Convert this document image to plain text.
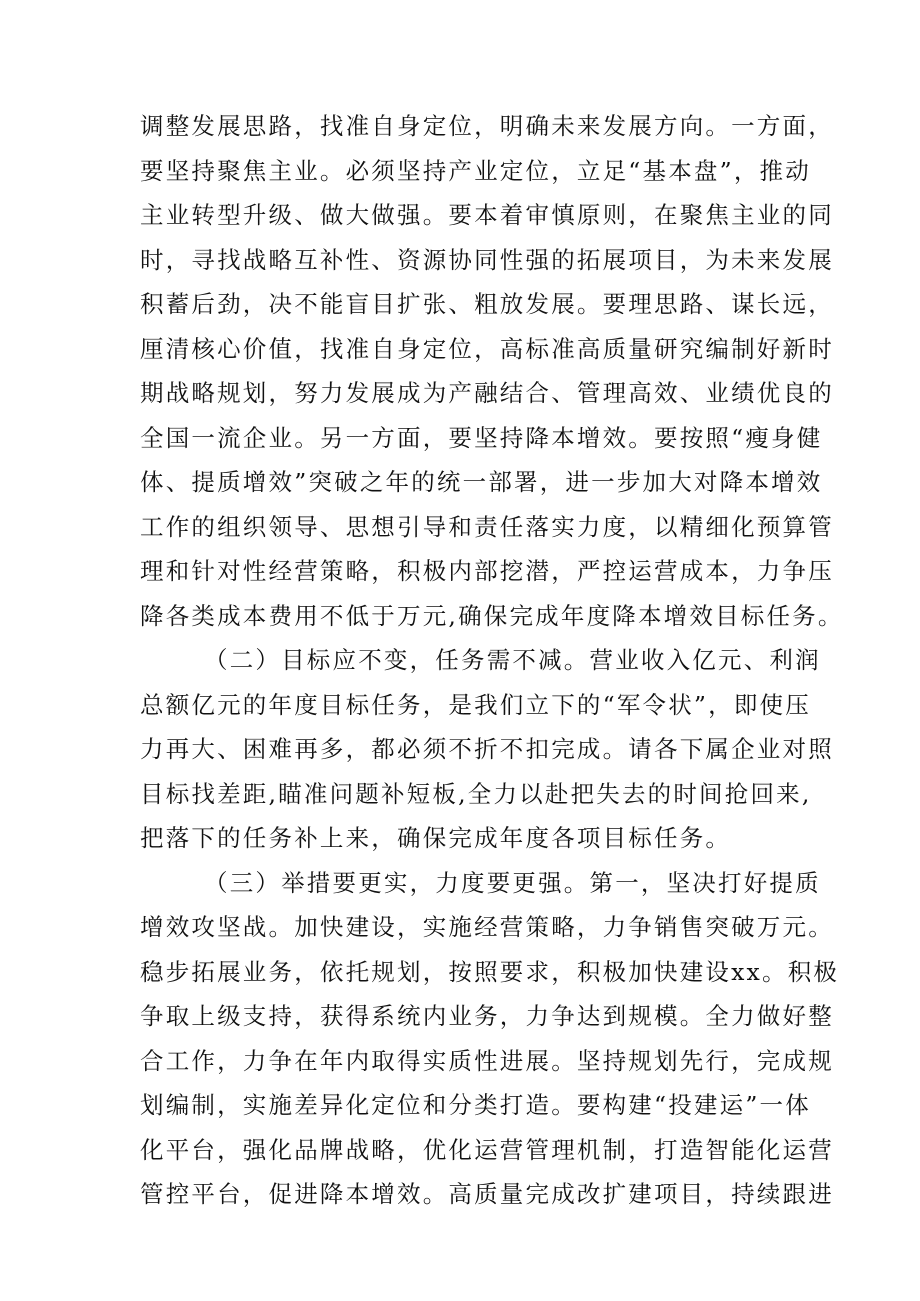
调整发展思路，找准自身定位，明确未来发展方向。一方面，
要坚持聚焦主业。必须坚持产业定位，立足“基本盘”，推动
主业转型升级、做大做强。要本着审慎原则，在聚焦主业的同
时，寻找战略互补性、资源协同性强的拓展项目，为未来发展
积蓄后劲，决不能盲目扩张、粗放发展。要理思路、谋长远，
厘清核心价值，找准自身定位，高标准高质量研究编制好新时
期战略规划，努力发展成为产融结合、管理高效、业绩优良的
全国一流企业。另一方面，要坚持降本增效。要按照“瘦身健
体、提质增效”突破之年的统一部署，进一步加大对降本增效
工作的组织领导、思想引导和责任落实力度，以精细化预算管
理和针对性经营策略，积极内部挖潜，严控运营成本，力争压
降各类成本费用不低于万元,确保完成年度降本增效目标任务。
（二）目标应不变，任务需不减。营业收入亿元、利润
总额亿元的年度目标任务，是我们立下的“军令状”，即使压
力再大、困难再多，都必须不折不扣完成。请各下属企业对照
目标找差距,瞄准问题补短板,全力以赴把失去的时间抢回来,
把落下的任务补上来，确保完成年度各项目标任务。
（三）举措要更实，力度要更强。第一，坚决打好提质
增效攻坚战。加快建设，实施经营策略，力争销售突破万元。
稳步拓展业务，依托规划，按照要求，积极加快建设xx。积极
争取上级支持，获得系统内业务，力争达到规模。全力做好整
合工作，力争在年内取得实质性进展。坚持规划先行，完成规
划编制，实施差异化定位和分类打造。要构建“投建运”一体
化平台，强化品牌战略，优化运营管理机制，打造智能化运营
管控平台，促进降本增效。高质量完成改扩建项目，持续跟进
